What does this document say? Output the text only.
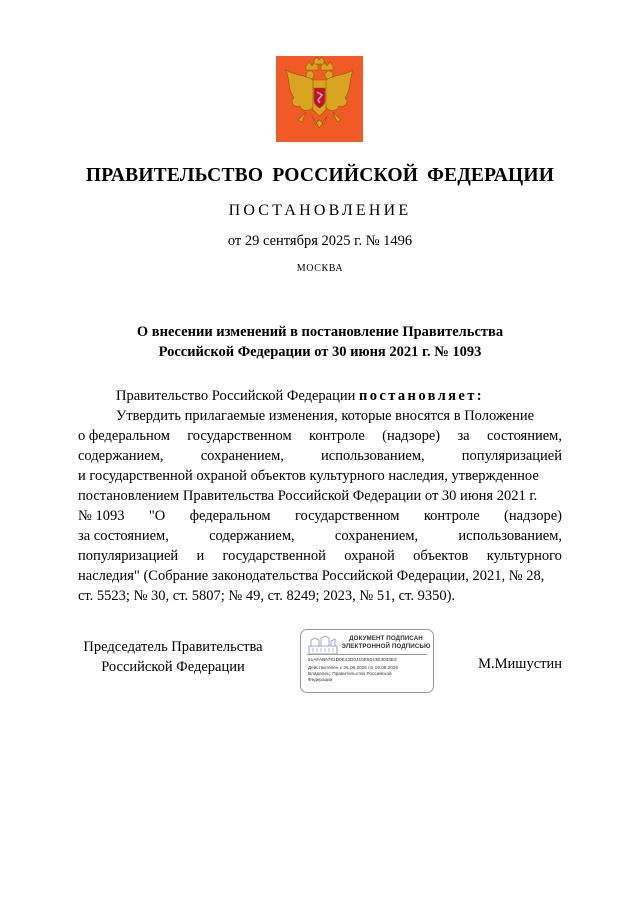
ПРАВИТЕЛЬСТВО РОССИЙСКОЙ ФЕДЕРАЦИИ
ПОСТАНОВЛЕНИЕ
от 29 сентября 2025 г. № 1496
МОСКВА
О внесении изменений в постановление Правительства
Российской Федерации от 30 июня 2021 г. № 1093
Правительство Российской Федерации
постановляет:
Утвердить прилагаемые изменения, которые вносятся в Положение
о федеральном государственном контроле (надзоре) за состоянием,
содержанием,	сохранением,	использованием,	популяризацией
и государственной охраной объектов культурного наследия, утвержденное
постановлением Правительства Российской Федерации от 30 июня 2021 г.
№ 1093 "О федеральном государственном контроле (надзоре)
за состоянием,	содержанием,	сохранением,	использованием,
популяризацией и государственной охраной объектов культурного
наследия" (Собрание законодательства Российской Федерации, 2021, № 28,
ст. 5523; № 30, ст. 5807; № 49, ст. 8249; 2023, № 51, ст. 9350).
Председатель Правительства
Российской Федерации
ДОКУМЕНТ ПОДПИСАН
ЭЛЕКТРОННОЙ ПОДПИСЬЮ
51AFAB6781D0E42D0410E5043E3033E3
Действителен с 26.06.2025 по 19.09.2026
Владелец: Правительство Российской
Федерации
М.Мишустин
